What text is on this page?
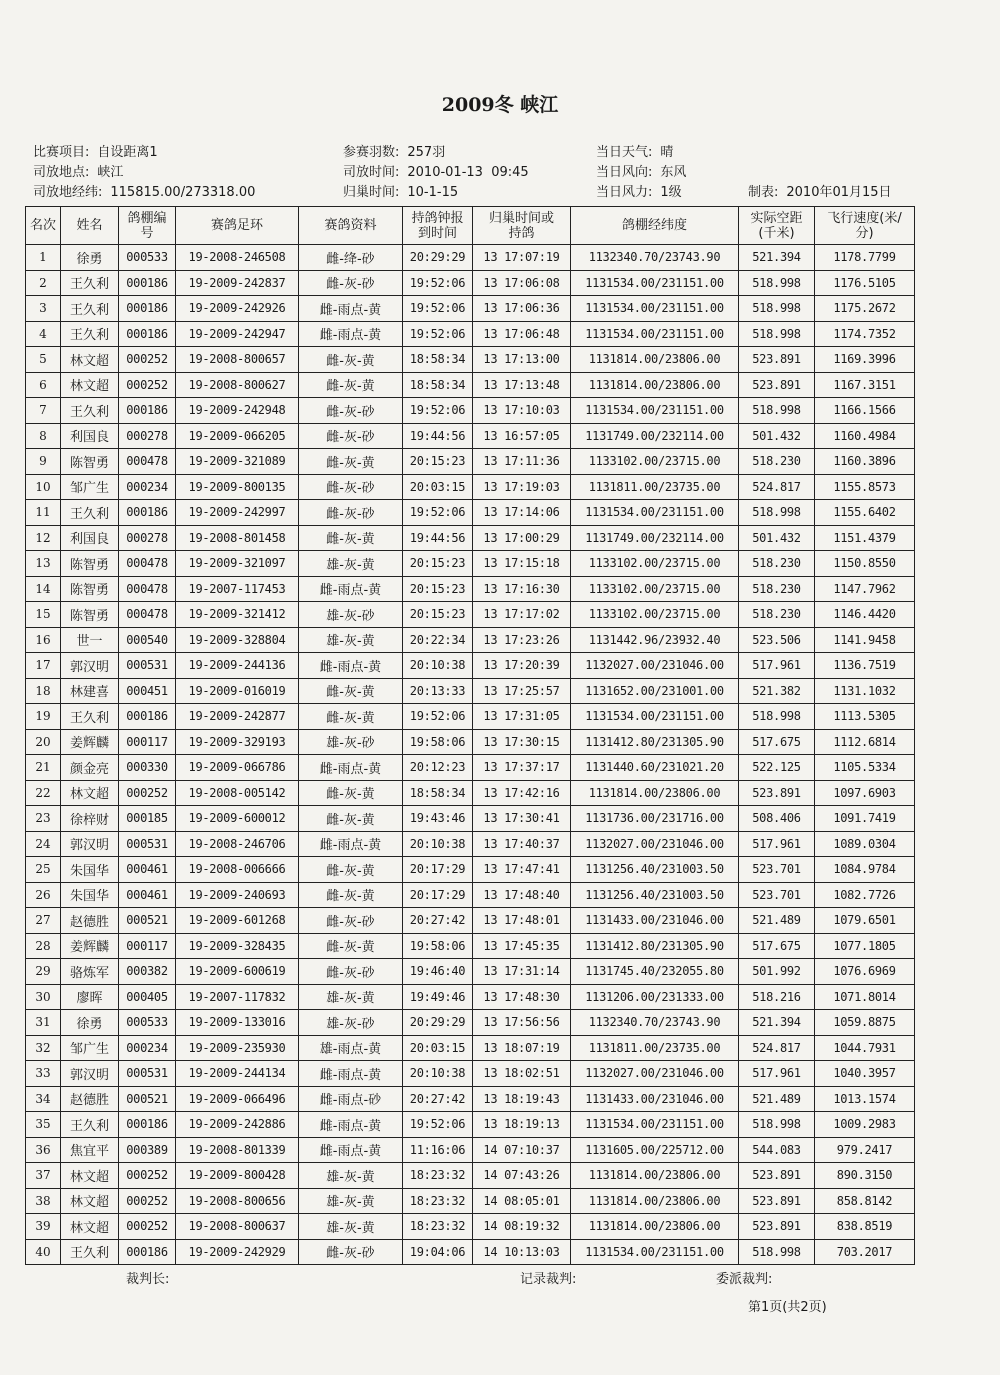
2009冬 峡江
比赛项目: 自设距离1	参赛羽数: 257羽	当日天气: 晴
司放地点: 峡江	司放时间: 2010-01-13  09:45	当日风向: 东风
司放地经纬: 115815.00/273318.00	归巢时间: 10-1-15	当日风力: 1级	制表: 2010年01月15日
名次	姓名	鸽棚编号	赛鸽足环	赛鸽资料	持鸽钟报到时间	归巢时间或持鸽	鸽棚经纬度	实际空距(千米)	飞行速度(米/分)
1	徐勇	000533	19-2008-246508	雌-绛-砂	20:29:29	13 17:07:19	1132340.70/23743.90	521.394	1178.7799
2	王久利	000186	19-2009-242837	雌-灰-砂	19:52:06	13 17:06:08	1131534.00/231151.00	518.998	1176.5105
3	王久利	000186	19-2009-242926	雌-雨点-黄	19:52:06	13 17:06:36	1131534.00/231151.00	518.998	1175.2672
4	王久利	000186	19-2009-242947	雌-雨点-黄	19:52:06	13 17:06:48	1131534.00/231151.00	518.998	1174.7352
5	林文超	000252	19-2008-800657	雌-灰-黄	18:58:34	13 17:13:00	1131814.00/23806.00	523.891	1169.3996
6	林文超	000252	19-2008-800627	雌-灰-黄	18:58:34	13 17:13:48	1131814.00/23806.00	523.891	1167.3151
7	王久利	000186	19-2009-242948	雌-灰-砂	19:52:06	13 17:10:03	1131534.00/231151.00	518.998	1166.1566
8	利国良	000278	19-2009-066205	雌-灰-砂	19:44:56	13 16:57:05	1131749.00/232114.00	501.432	1160.4984
9	陈智勇	000478	19-2009-321089	雌-灰-黄	20:15:23	13 17:11:36	1133102.00/23715.00	518.230	1160.3896
10	邹广生	000234	19-2009-800135	雌-灰-砂	20:03:15	13 17:19:03	1131811.00/23735.00	524.817	1155.8573
11	王久利	000186	19-2009-242997	雌-灰-砂	19:52:06	13 17:14:06	1131534.00/231151.00	518.998	1155.6402
12	利国良	000278	19-2008-801458	雌-灰-黄	19:44:56	13 17:00:29	1131749.00/232114.00	501.432	1151.4379
13	陈智勇	000478	19-2009-321097	雄-灰-黄	20:15:23	13 17:15:18	1133102.00/23715.00	518.230	1150.8550
14	陈智勇	000478	19-2007-117453	雌-雨点-黄	20:15:23	13 17:16:30	1133102.00/23715.00	518.230	1147.7962
15	陈智勇	000478	19-2009-321412	雄-灰-砂	20:15:23	13 17:17:02	1133102.00/23715.00	518.230	1146.4420
16	世一	000540	19-2009-328804	雄-灰-黄	20:22:34	13 17:23:26	1131442.96/23932.40	523.506	1141.9458
17	郭汉明	000531	19-2009-244136	雌-雨点-黄	20:10:38	13 17:20:39	1132027.00/231046.00	517.961	1136.7519
18	林建喜	000451	19-2009-016019	雌-灰-黄	20:13:33	13 17:25:57	1131652.00/231001.00	521.382	1131.1032
19	王久利	000186	19-2009-242877	雌-灰-黄	19:52:06	13 17:31:05	1131534.00/231151.00	518.998	1113.5305
20	姜辉麟	000117	19-2009-329193	雄-灰-砂	19:58:06	13 17:30:15	1131412.80/231305.90	517.675	1112.6814
21	颜金亮	000330	19-2009-066786	雌-雨点-黄	20:12:23	13 17:37:17	1131440.60/231021.20	522.125	1105.5334
22	林文超	000252	19-2008-005142	雌-灰-黄	18:58:34	13 17:42:16	1131814.00/23806.00	523.891	1097.6903
23	徐梓财	000185	19-2009-600012	雌-灰-黄	19:43:46	13 17:30:41	1131736.00/231716.00	508.406	1091.7419
24	郭汉明	000531	19-2008-246706	雌-雨点-黄	20:10:38	13 17:40:37	1132027.00/231046.00	517.961	1089.0304
25	朱国华	000461	19-2008-006666	雌-灰-黄	20:17:29	13 17:47:41	1131256.40/231003.50	523.701	1084.9784
26	朱国华	000461	19-2009-240693	雌-灰-黄	20:17:29	13 17:48:40	1131256.40/231003.50	523.701	1082.7726
27	赵德胜	000521	19-2009-601268	雌-灰-砂	20:27:42	13 17:48:01	1131433.00/231046.00	521.489	1079.6501
28	姜辉麟	000117	19-2009-328435	雌-灰-黄	19:58:06	13 17:45:35	1131412.80/231305.90	517.675	1077.1805
29	骆炼军	000382	19-2009-600619	雌-灰-砂	19:46:40	13 17:31:14	1131745.40/232055.80	501.992	1076.6969
30	廖晖	000405	19-2007-117832	雄-灰-黄	19:49:46	13 17:48:30	1131206.00/231333.00	518.216	1071.8014
31	徐勇	000533	19-2009-133016	雄-灰-砂	20:29:29	13 17:56:56	1132340.70/23743.90	521.394	1059.8875
32	邹广生	000234	19-2009-235930	雄-雨点-黄	20:03:15	13 18:07:19	1131811.00/23735.00	524.817	1044.7931
33	郭汉明	000531	19-2009-244134	雌-雨点-黄	20:10:38	13 18:02:51	1132027.00/231046.00	517.961	1040.3957
34	赵德胜	000521	19-2009-066496	雌-雨点-砂	20:27:42	13 18:19:43	1131433.00/231046.00	521.489	1013.1574
35	王久利	000186	19-2009-242886	雌-雨点-黄	19:52:06	13 18:19:13	1131534.00/231151.00	518.998	1009.2983
36	焦宜平	000389	19-2008-801339	雌-雨点-黄	11:16:06	14 07:10:37	1131605.00/225712.00	544.083	979.2417
37	林文超	000252	19-2009-800428	雄-灰-黄	18:23:32	14 07:43:26	1131814.00/23806.00	523.891	890.3150
38	林文超	000252	19-2008-800656	雄-灰-黄	18:23:32	14 08:05:01	1131814.00/23806.00	523.891	858.8142
39	林文超	000252	19-2008-800637	雄-灰-黄	18:23:32	14 08:19:32	1131814.00/23806.00	523.891	838.8519
40	王久利	000186	19-2009-242929	雌-灰-砂	19:04:06	14 10:13:03	1131534.00/231151.00	518.998	703.2017
裁判长:	记录裁判:	委派裁判:
第1页(共2页)
